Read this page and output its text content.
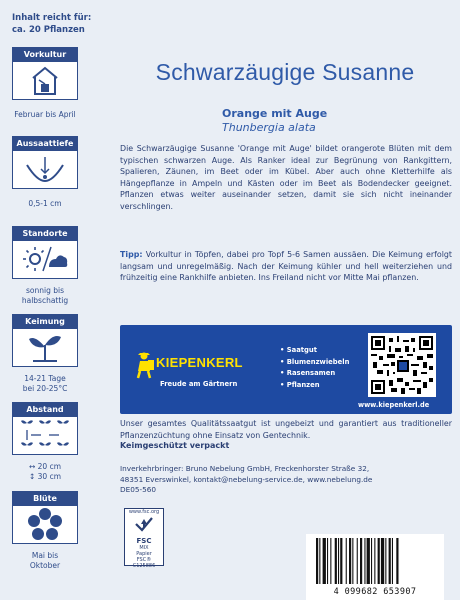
Inhalt reicht für:
ca. 20 Pflanzen
Vorkultur
Februar bis April
Aussaattiefe
0,5-1 cm
Standorte
sonnig bis
halbschattig
Keimung
14-21 Tage
bei 20-25°C
Abstand
↔ 20 cm
↕ 30 cm
Blüte
Mai bis
Oktober
Schwarzäugige Susanne
Orange mit Auge
Thunbergia alata
Die Schwarzäugige Susanne 'Orange mit Auge' bildet orangerote Blüten mit dem typischen schwarzen Auge. Als Ranker ideal zur Begrünung von Rankgittern, Spalieren, Zäunen, im Beet oder im Kübel. Aber auch ohne Kletterhilfe als Hängepflanze in Ampeln und Kästen oder im Beet als Bodendecker geeignet. Pflanzen etwas weiter auseinander setzen, damit sie sich nicht ineinander verschlingen.
Tipp: Vorkultur in Töpfen, dabei pro Topf 5-6 Samen aussäen. Die Keimung erfolgt langsam und unregelmäßig. Nach der Keimung kühler und hell weiterziehen und frühzeitig eine Rankhilfe anbieten. Ins Freiland nicht vor Mitte Mai pflanzen.
KIEPENKERL
Freude am Gärtnern
• Saatgut
• Blumenzwiebeln
• Rasensamen
• Pflanzen
www.kiepenkerl.de
Unser gesamtes Qualitätssaatgut ist ungebeizt und garantiert aus traditioneller Pflanzenzüchtung ohne Einsatz von Gentechnik.
Keimgeschützt verpackt
Inverkehrbringer: Bruno Nebelung GmbH, Freckenhorster Straße 32,
48351 Everswinkel, kontakt@nebelung-service.de, www.nebelung.de
DE05-560
www.fsc.org
FSC
MIX
Papier
FSC® C125886
4 099682 653907
